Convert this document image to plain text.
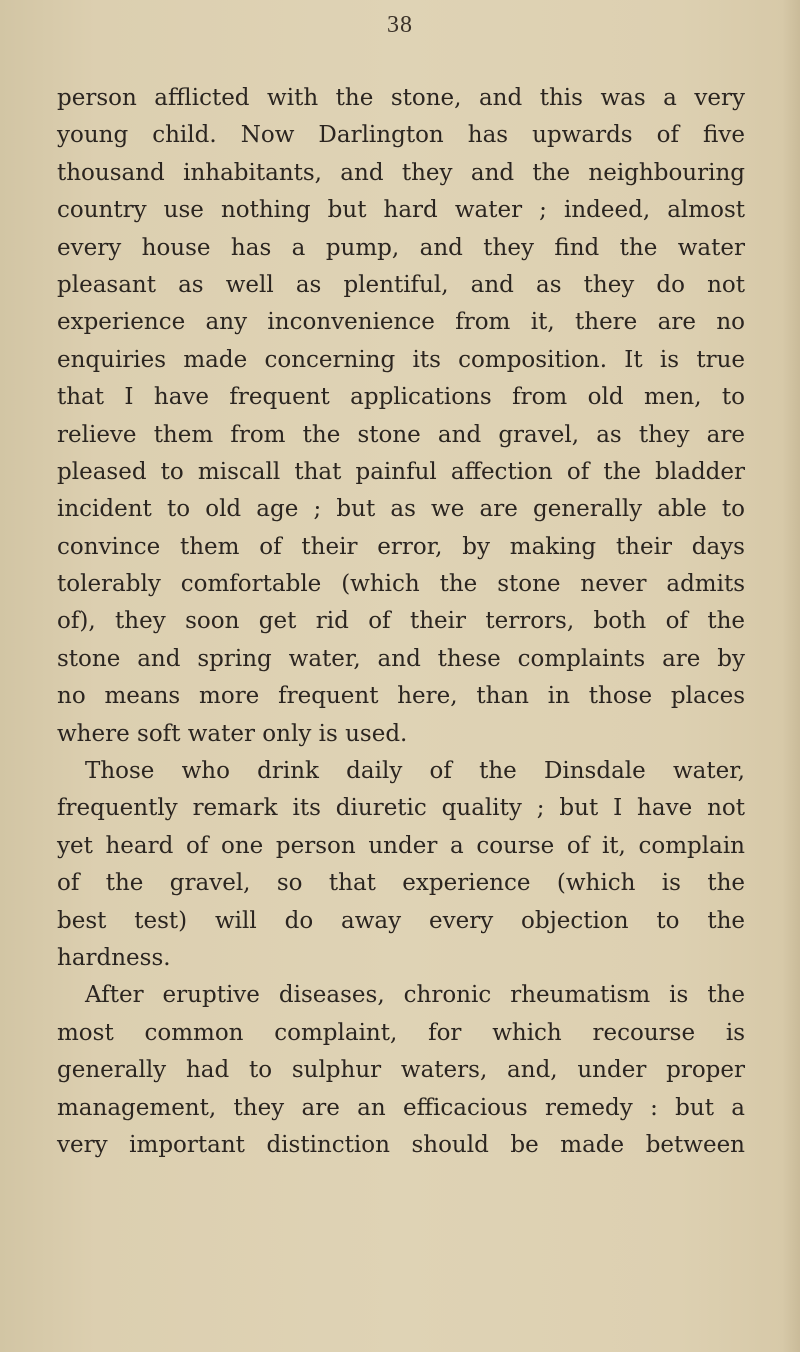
38
person afflicted with the stone, and this was a very
young child. Now Darlington has upwards of five
thousand inhabitants, and they and the neighbouring
country use nothing but hard water ; indeed, almost
every house has a pump, and they find the water
pleasant as well as plentiful, and as they do not
experience any inconvenience from it, there are no
enquiries made concerning its composition. It is true
that I have frequent applications from old men, to
relieve them from the stone and gravel, as they are
pleased to miscall that painful affection of the bladder
incident to old age ; but as we are generally able to
convince them of their error, by making their days
tolerably comfortable (which the stone never admits
of), they soon get rid of their terrors, both of the
stone and spring water, and these complaints are by
no means more frequent here, than in those places
where soft water only is used.
Those who drink daily of the Dinsdale water,
frequently remark its diuretic quality ; but I have not
yet heard of one person under a course of it, complain
of the gravel, so that experience (which is the
best test) will do away every objection to the
hardness.
After eruptive diseases, chronic rheumatism is the
most common complaint, for which recourse is
generally had to sulphur waters, and, under proper
management, they are an efficacious remedy : but a
very important distinction should be made between
